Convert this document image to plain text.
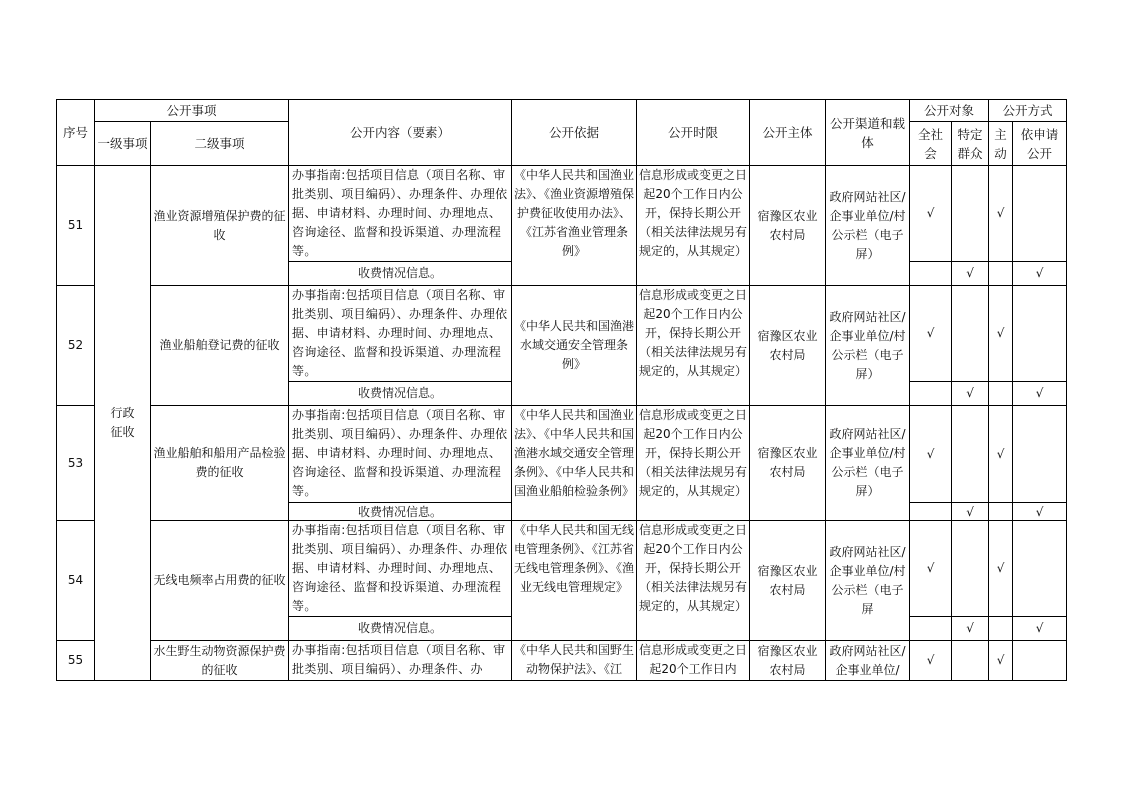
序号	公开事项		公开内容（要素）	公开依据	公开时限	公开主体	公开渠道和载体	公开对象		公开方式	
	一级事项	二级事项						全社会	特定群众	主动	依申请公开

51	行政征收	渔业资源增殖保护费的征收	办事指南:包括项目信息（项目名称、审批类别、项目编码）、办理条件、办理依据、申请材料、办理时间、办理地点、咨询途径、监督和投诉渠道、办理流程等。	《中华人民共和国渔业法》、《渔业资源增殖保护费征收使用办法》、《江苏省渔业管理条例》	信息形成或变更之日起20个工作日内公开，保持长期公开（相关法律法规另有规定的，从其规定）	宿豫区农业农村局	政府网站社区/企事业单位/村公示栏（电子屏）	√		√	
			收费情况信息。						√		√
52		渔业船舶登记费的征收	办事指南:包括项目信息（项目名称、审批类别、项目编码）、办理条件、办理依据、申请材料、办理时间、办理地点、咨询途径、监督和投诉渠道、办理流程等。	《中华人民共和国渔港水域交通安全管理条例》	信息形成或变更之日起20个工作日内公开，保持长期公开（相关法律法规另有规定的，从其规定）	宿豫区农业农村局	政府网站社区/企事业单位/村公示栏（电子屏）	√		√	
			收费情况信息。						√		√
53		渔业船舶和船用产品检验费的征收	办事指南:包括项目信息（项目名称、审批类别、项目编码）、办理条件、办理依据、申请材料、办理时间、办理地点、咨询途径、监督和投诉渠道、办理流程等。	《中华人民共和国渔业法》、《中华人民共和国渔港水域交通安全管理条例》、《中华人民共和国渔业船舶检验条例》	信息形成或变更之日起20个工作日内公开，保持长期公开（相关法律法规另有规定的，从其规定）	宿豫区农业农村局	政府网站社区/企事业单位/村公示栏（电子屏）	√		√	
			收费情况信息。						√		√
54		无线电频率占用费的征收	办事指南:包括项目信息（项目名称、审批类别、项目编码）、办理条件、办理依据、申请材料、办理时间、办理地点、咨询途径、监督和投诉渠道、办理流程等。	《中华人民共和国无线电管理条例》、《江苏省无线电管理条例》、《渔业无线电管理规定》	信息形成或变更之日起20个工作日内公开，保持长期公开（相关法律法规另有规定的，从其规定）	宿豫区农业农村局	政府网站社区/企事业单位/村公示栏（电子屏	√		√	
			收费情况信息。						√		√
55		水生野生动物资源保护费的征收	办事指南:包括项目信息（项目名称、审批类别、项目编码）、办理条件、办	《中华人民共和国野生动物保护法》、《江	信息形成或变更之日起20个工作日内	宿豫区农业农村局	政府网站社区/企事业单位/	√		√	
